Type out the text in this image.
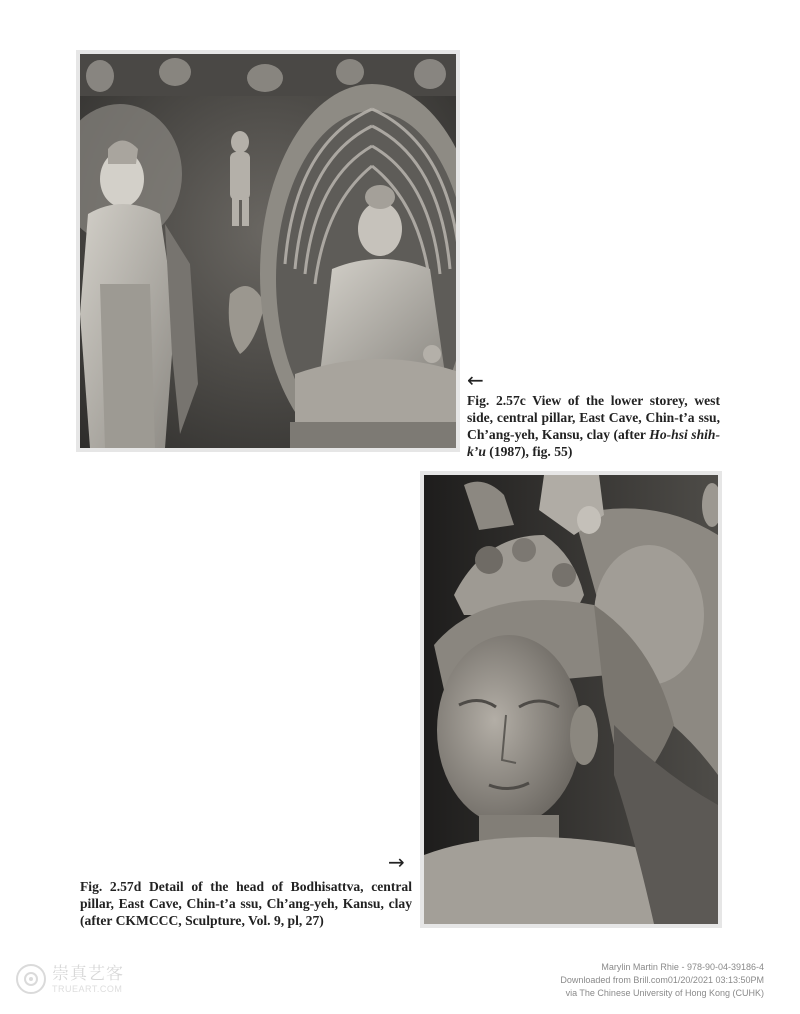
←
Fig. 2.57c View of the lower storey, west side, central pillar, East Cave, Chin-t’a ssu, Ch’ang-yeh, Kansu, clay (after Ho-hsi shih-k’u (1987), fig. 55)
→
Fig. 2.57d Detail of the head of Bodhisattva, central pillar, East Cave, Chin-t’a ssu, Ch’ang-yeh, Kansu, clay (after CKMCCC, Sculpture, Vol. 9, pl, 27)
崇真艺客
TRUEART.COM
Marylin Martin Rhie - 978-90-04-39186-4
Downloaded from Brill.com01/20/2021 03:13:50PM
via The Chinese University of Hong Kong (CUHK)
